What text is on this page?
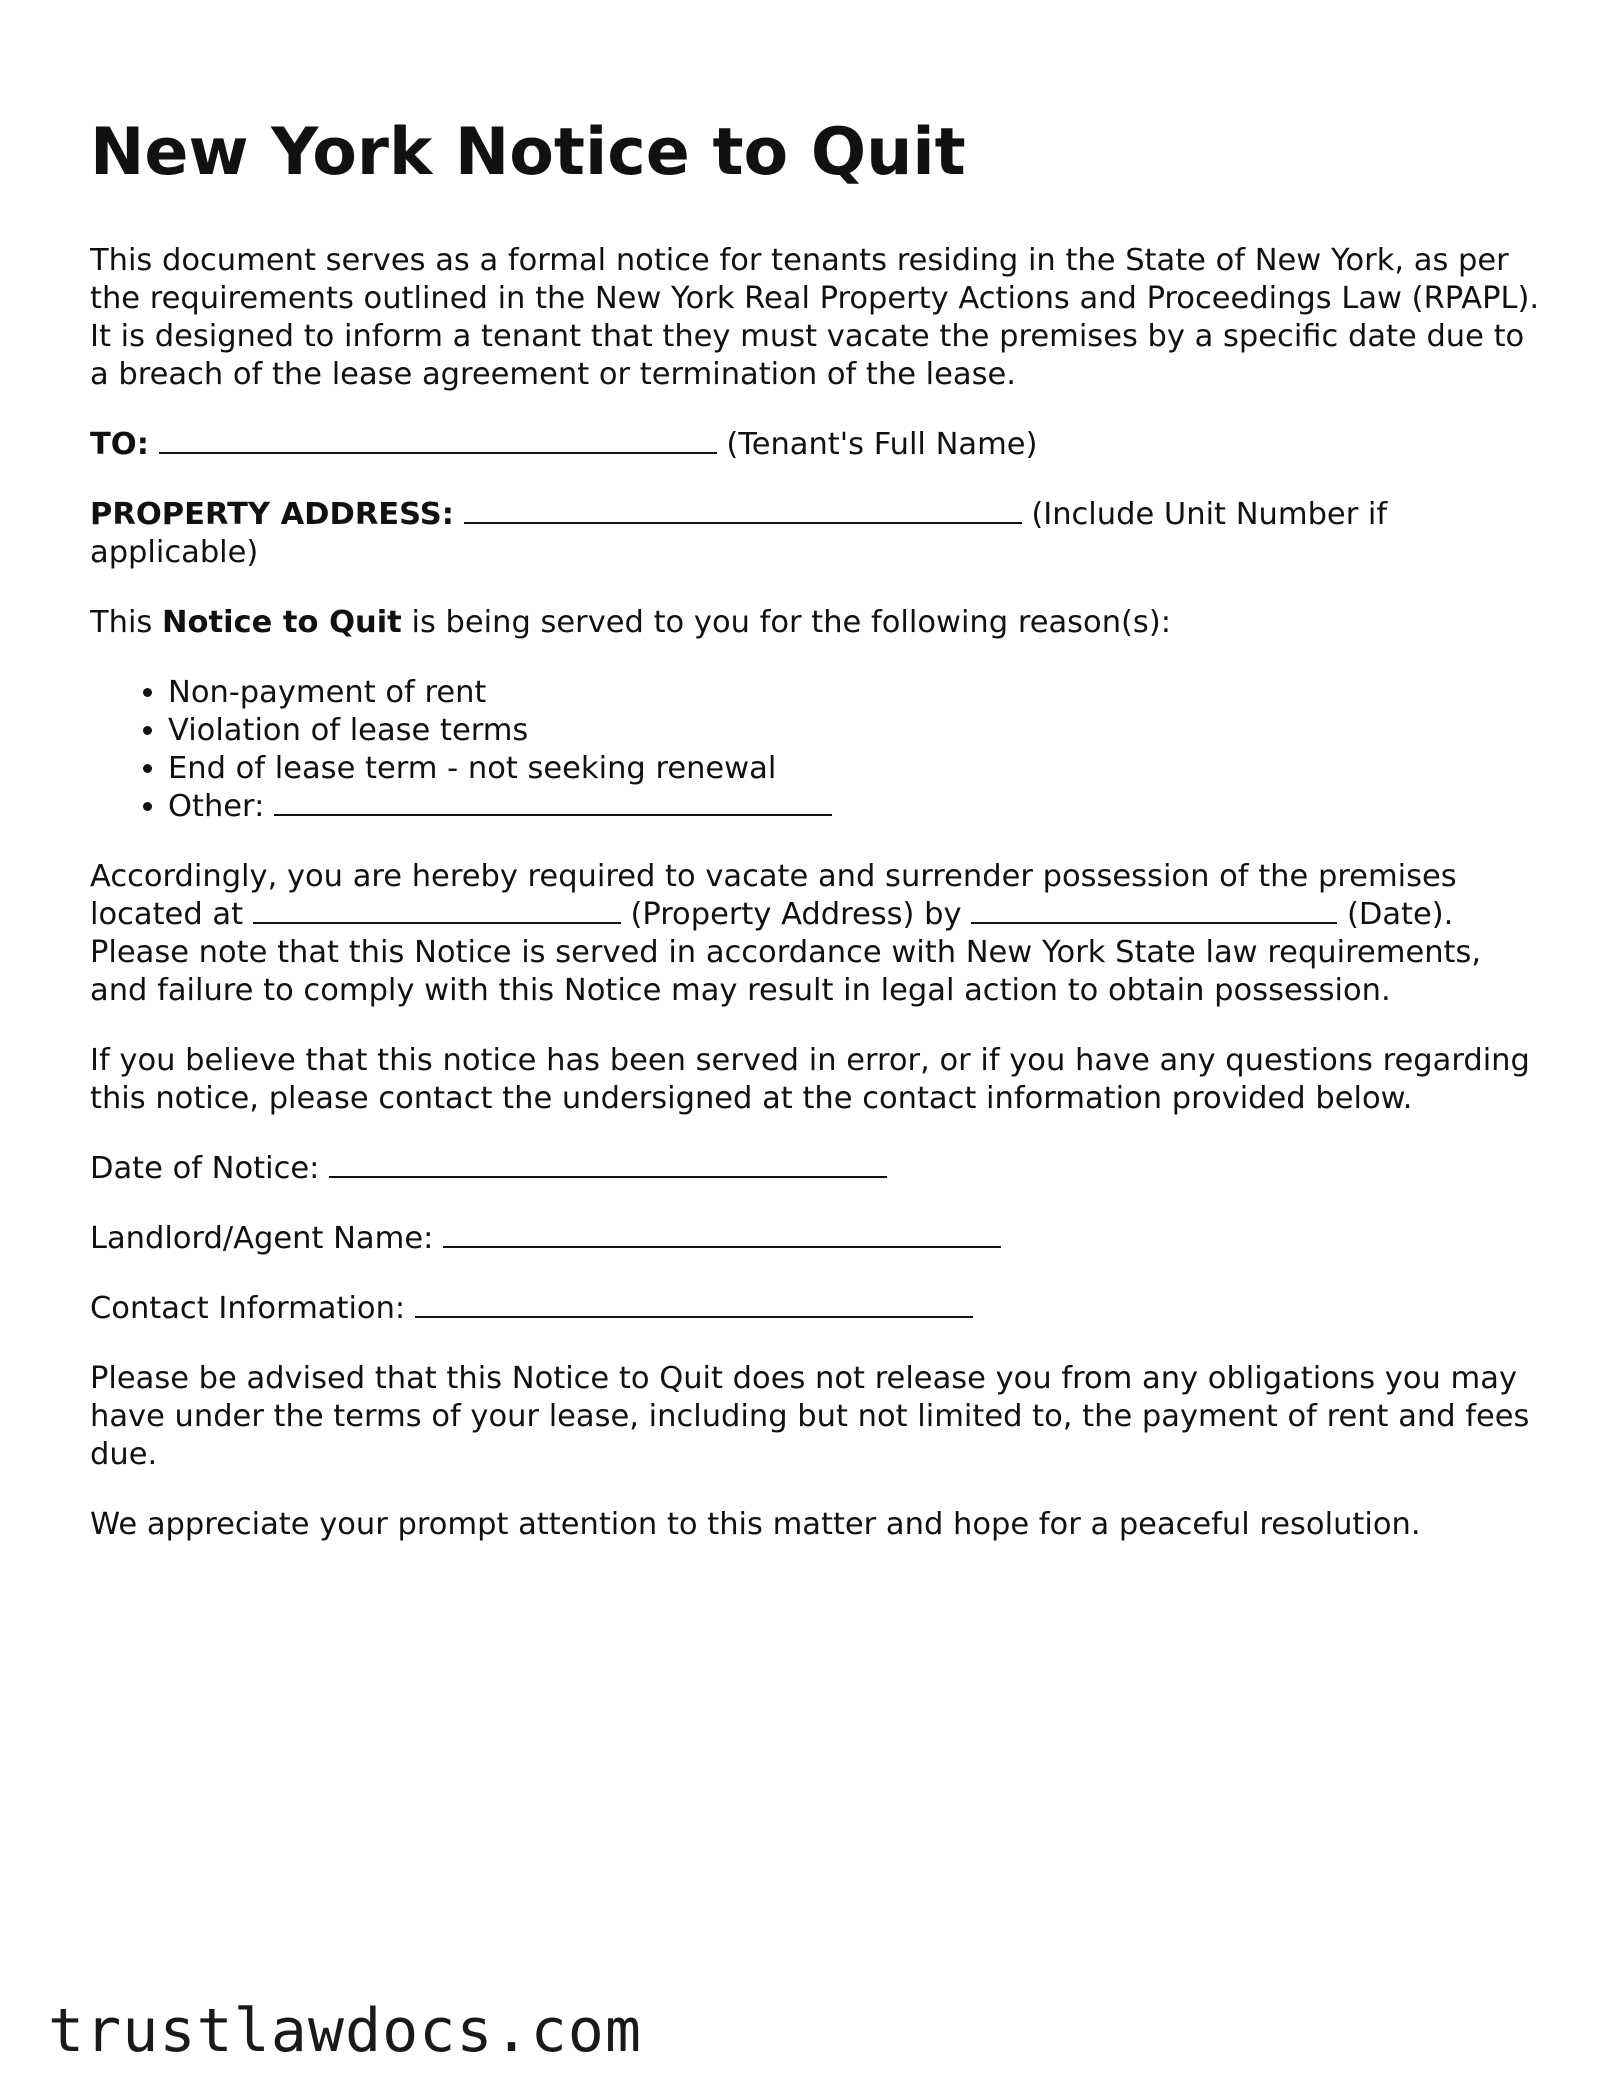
New York Notice to Quit

This document serves as a formal notice for tenants residing in the State of New York, as per the requirements outlined in the New York Real Property Actions and Proceedings Law (RPAPL). It is designed to inform a tenant that they must vacate the premises by a specific date due to a breach of the lease agreement or termination of the lease.

TO:	(Tenant's Full Name)

PROPERTY ADDRESS:	(Include Unit Number if applicable)

This Notice to Quit is being served to you for the following reason(s):

• Non-payment of rent
• Violation of lease terms
• End of lease term - not seeking renewal
• Other:

Accordingly, you are hereby required to vacate and surrender possession of the premises located at	(Property Address) by	(Date). Please note that this Notice is served in accordance with New York State law requirements, and failure to comply with this Notice may result in legal action to obtain possession.

If you believe that this notice has been served in error, or if you have any questions regarding this notice, please contact the undersigned at the contact information provided below.

Date of Notice:

Landlord/Agent Name:

Contact Information:

Please be advised that this Notice to Quit does not release you from any obligations you may have under the terms of your lease, including but not limited to, the payment of rent and fees due.

We appreciate your prompt attention to this matter and hope for a peaceful resolution.

trustlawdocs.com
